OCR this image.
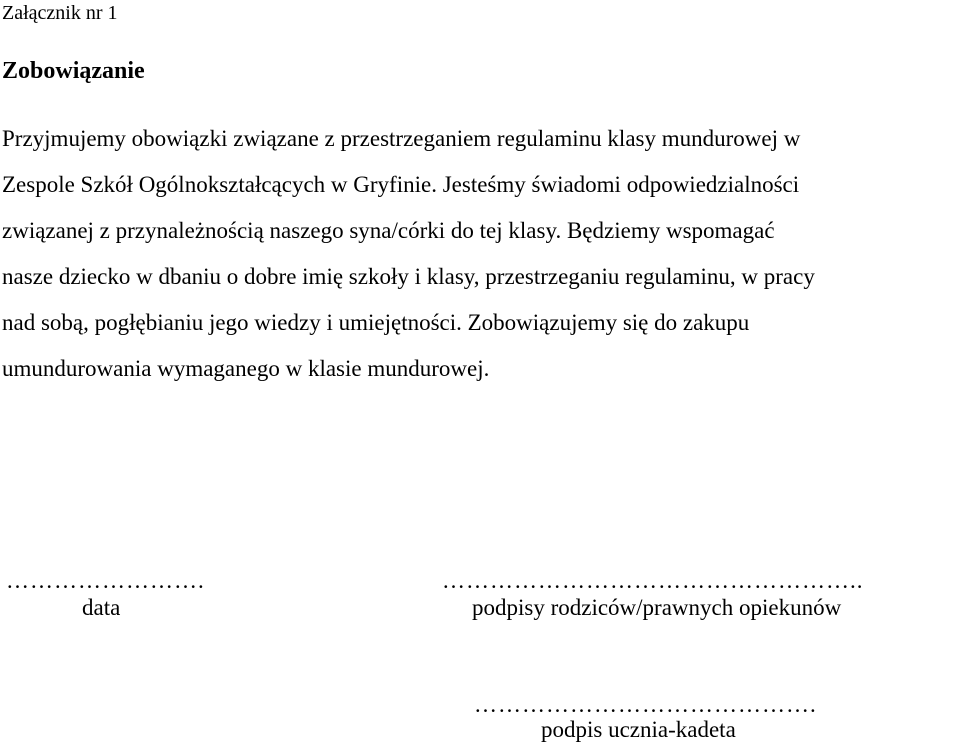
Załącznik nr 1
Zobowiązanie
Przyjmujemy obowiązki związane z przestrzeganiem regulaminu klasy mundurowej w
Zespole Szkół Ogólnokształcących w Gryfinie. Jesteśmy świadomi odpowiedzialności
związanej z przynależnością naszego syna/córki do tej klasy. Będziemy wspomagać
nasze dziecko w dbaniu o dobre imię szkoły i klasy, przestrzeganiu regulaminu, w pracy
nad sobą, pogłębianiu jego wiedzy i umiejętności. Zobowiązujemy się do zakupu
umundurowania wymaganego w klasie mundurowej.
…………………….
data
……………………………………………..
podpisy rodziców/prawnych opiekunów
…………………………………….
podpis ucznia-kadeta
